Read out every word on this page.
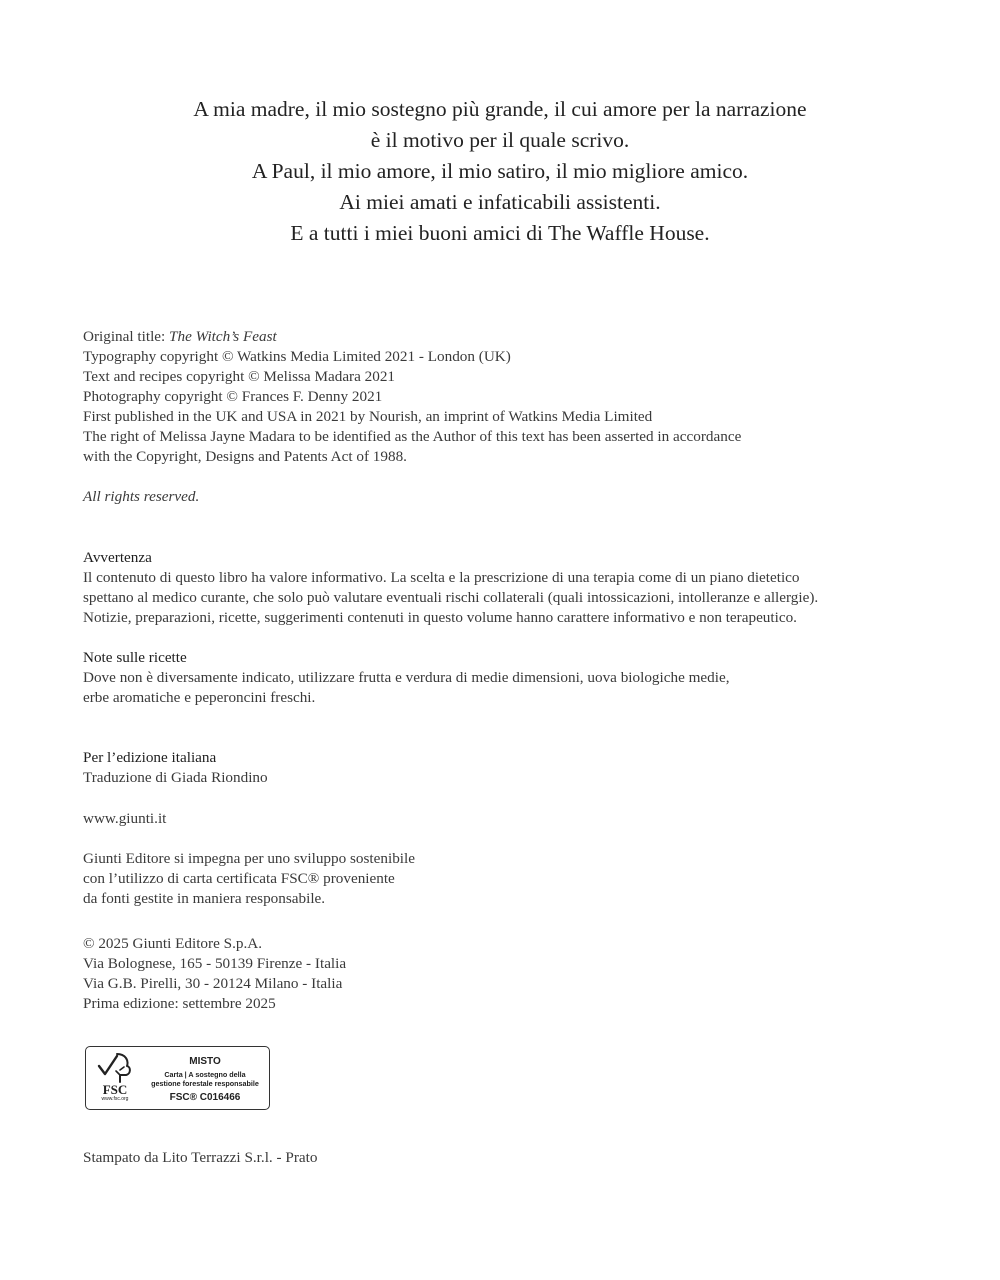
A mia madre, il mio sostegno più grande, il cui amore per la narrazione
è il motivo per il quale scrivo.
A Paul, il mio amore, il mio satiro, il mio migliore amico.
Ai miei amati e infaticabili assistenti.
E a tutti i miei buoni amici di The Waffle House.
Original title: The Witch’s Feast
Typography copyright © Watkins Media Limited 2021 - London (UK)
Text and recipes copyright © Melissa Madara 2021
Photography copyright © Frances F. Denny 2021
First published in the UK and USA in 2021 by Nourish, an imprint of Watkins Media Limited
The right of Melissa Jayne Madara to be identified as the Author of this text has been asserted in accordance
with the Copyright, Designs and Patents Act of 1988.
All rights reserved.
Avvertenza
Il contenuto di questo libro ha valore informativo. La scelta e la prescrizione di una terapia come di un piano dietetico
spettano al medico curante, che solo può valutare eventuali rischi collaterali (quali intossicazioni, intolleranze e allergie).
Notizie, preparazioni, ricette, suggerimenti contenuti in questo volume hanno carattere informativo e non terapeutico.
Note sulle ricette
Dove non è diversamente indicato, utilizzare frutta e verdura di medie dimensioni, uova biologiche medie,
erbe aromatiche e peperoncini freschi.
Per l’edizione italiana
Traduzione di Giada Riondino
www.giunti.it
Giunti Editore si impegna per uno sviluppo sostenibile
con l’utilizzo di carta certificata FSC® proveniente
da fonti gestite in maniera responsabile.
© 2025 Giunti Editore S.p.A.
Via Bolognese, 165 - 50139 Firenze - Italia
Via G.B. Pirelli, 30 - 20124 Milano - Italia
Prima edizione: settembre 2025
FSC
www.fsc.org
MISTO
Carta | A sostegno della
gestione forestale responsabile
FSC® C016466
Stampato da Lito Terrazzi S.r.l. - Prato
